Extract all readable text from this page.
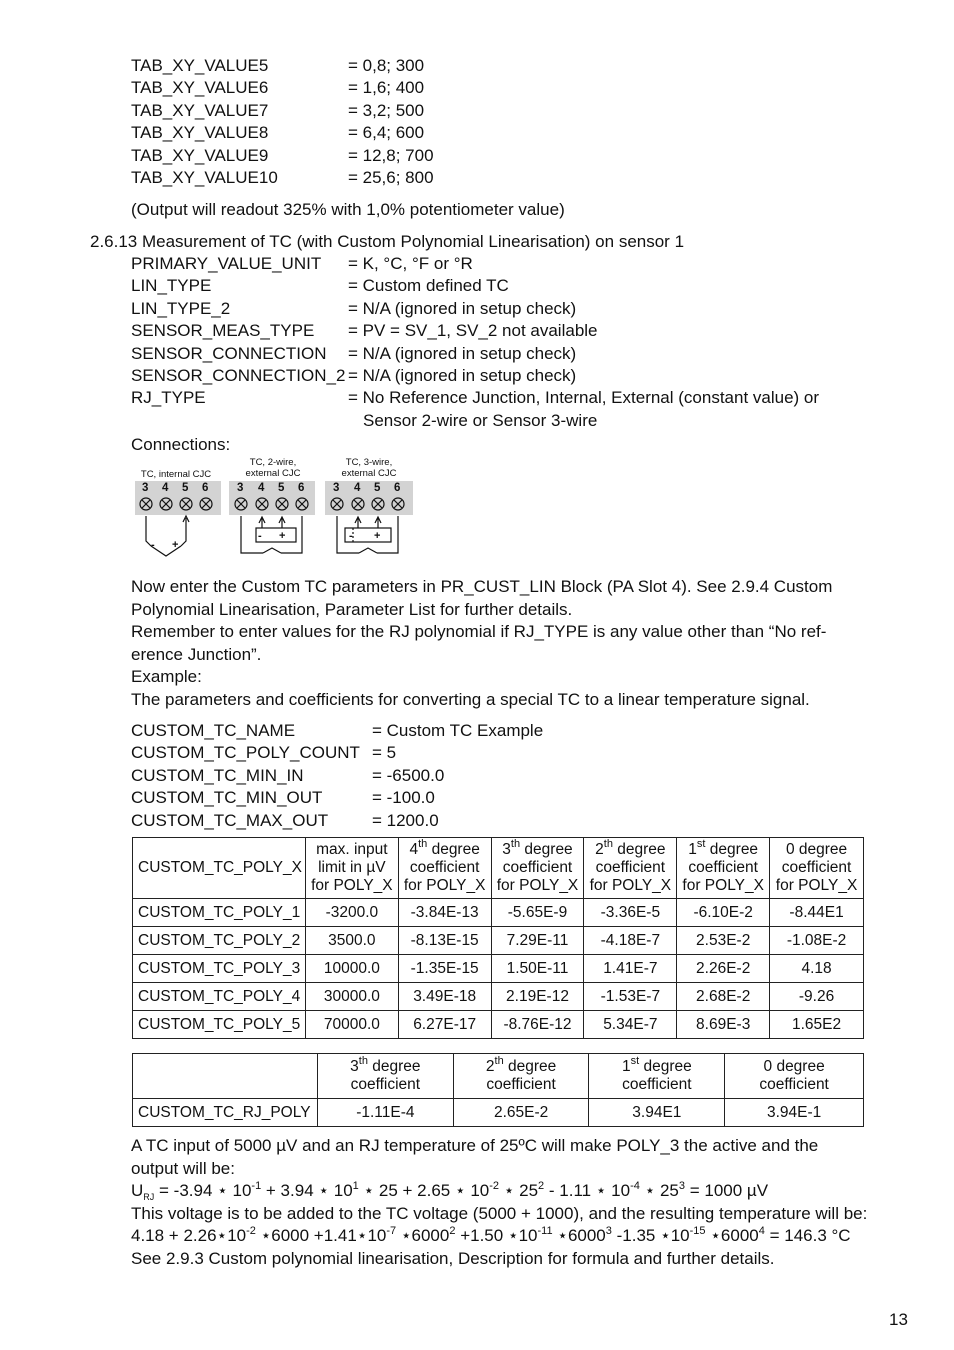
TAB_XY_VALUE5	= 0,8; 300
TAB_XY_VALUE6	= 1,6; 400
TAB_XY_VALUE7	= 3,2; 500
TAB_XY_VALUE8	= 6,4; 600
TAB_XY_VALUE9	= 12,8; 700
TAB_XY_VALUE10	= 25,6; 800
(Output will readout 325% with 1,0% potentiometer value)
2.6.13 Measurement of TC (with Custom Polynomial Linearisation) on sensor 1
PRIMARY_VALUE_UNIT	= K, °C, °F or °R
LIN_TYPE	= Custom defined TC
LIN_TYPE_2	= N/A (ignored in setup check)
SENSOR_MEAS_TYPE	= PV = SV_1, SV_2 not available
SENSOR_CONNECTION	= N/A (ignored in setup check)
SENSOR_CONNECTION_2 = N/A (ignored in setup check)
RJ_TYPE	= No Reference Junction, Internal, External (constant value) or Sensor 2-wire or Sensor 3-wire
Connections:
TC, internal CJC
3 4 5 6
TC, 2-wire, external CJC
3 4 5 6
TC, 3-wire, external CJC
3 4 5 6
- +
- +	- +
Now enter the Custom TC parameters in PR_CUST_LIN Block (PA Slot 4). See 2.9.4 Custom Polynomial Linearisation, Parameter List for further details.
Remember to enter values for the RJ polynomial if RJ_TYPE is any value other than “No ref-erence Junction”.
Example:
The parameters and coefficients for converting a special TC to a linear temperature signal.
CUSTOM_TC_NAME	= Custom TC Example
CUSTOM_TC_POLY_COUNT = 5
CUSTOM_TC_MIN_IN	= -6500.0
CUSTOM_TC_MIN_OUT	= -100.0
CUSTOM_TC_MAX_OUT	= 1200.0
CUSTOM_TC_POLY_X	max. input limit in µV for POLY_X	4th degree coefficient for POLY_X	3th degree coefficient for POLY_X	2th degree coefficient for POLY_X	1st degree coefficient for POLY_X	0 degree coefficient for POLY_X
CUSTOM_TC_POLY_1	-3200.0	-3.84E-13	-5.65E-9	-3.36E-5	-6.10E-2	-8.44E1
CUSTOM_TC_POLY_2	3500.0	-8.13E-15	7.29E-11	-4.18E-7	2.53E-2	-1.08E-2
CUSTOM_TC_POLY_3	10000.0	-1.35E-15	1.50E-11	1.41E-7	2.26E-2	4.18
CUSTOM_TC_POLY_4	30000.0	3.49E-18	2.19E-12	-1.53E-7	2.68E-2	-9.26
CUSTOM_TC_POLY_5	70000.0	6.27E-17	-8.76E-12	5.34E-7	8.69E-3	1.65E2
	3th degree coefficient	2th degree coefficient	1st degree coefficient	0 degree coefficient
CUSTOM_TC_RJ_POLY	-1.11E-4	2.65E-2	3.94E1	3.94E-1
A TC input of 5000 µV and an RJ temperature of 25ºC will make POLY_3 the active and the output will be:
$U_{RJ} = -3.94$ ⋆ $10^{-1} + 3.94$ ⋆ $10^1$ ⋆ 25 + 2.65 ⋆ $10^{-2}$ ⋆ $25^2 - 1.11$ ⋆ $10^{-4}$ ⋆ $25^3 = 1000$ µV
This voltage is to be added to the TC voltage (5000 + 1000), and the resulting temperature will be:
$4.18 + 2.26⋆10^{-2}$ ⋆6000 $+1.41⋆10^{-7}$ $⋆6000^2 +1.50$ $⋆10^{-11}$ ⋆6000$^3$ -1.35 $⋆10^{-15}$ $⋆6000^4 = 146.3$ °C
See 2.9.3 Custom polynomial linearisation, Description for formula and further details.
13
